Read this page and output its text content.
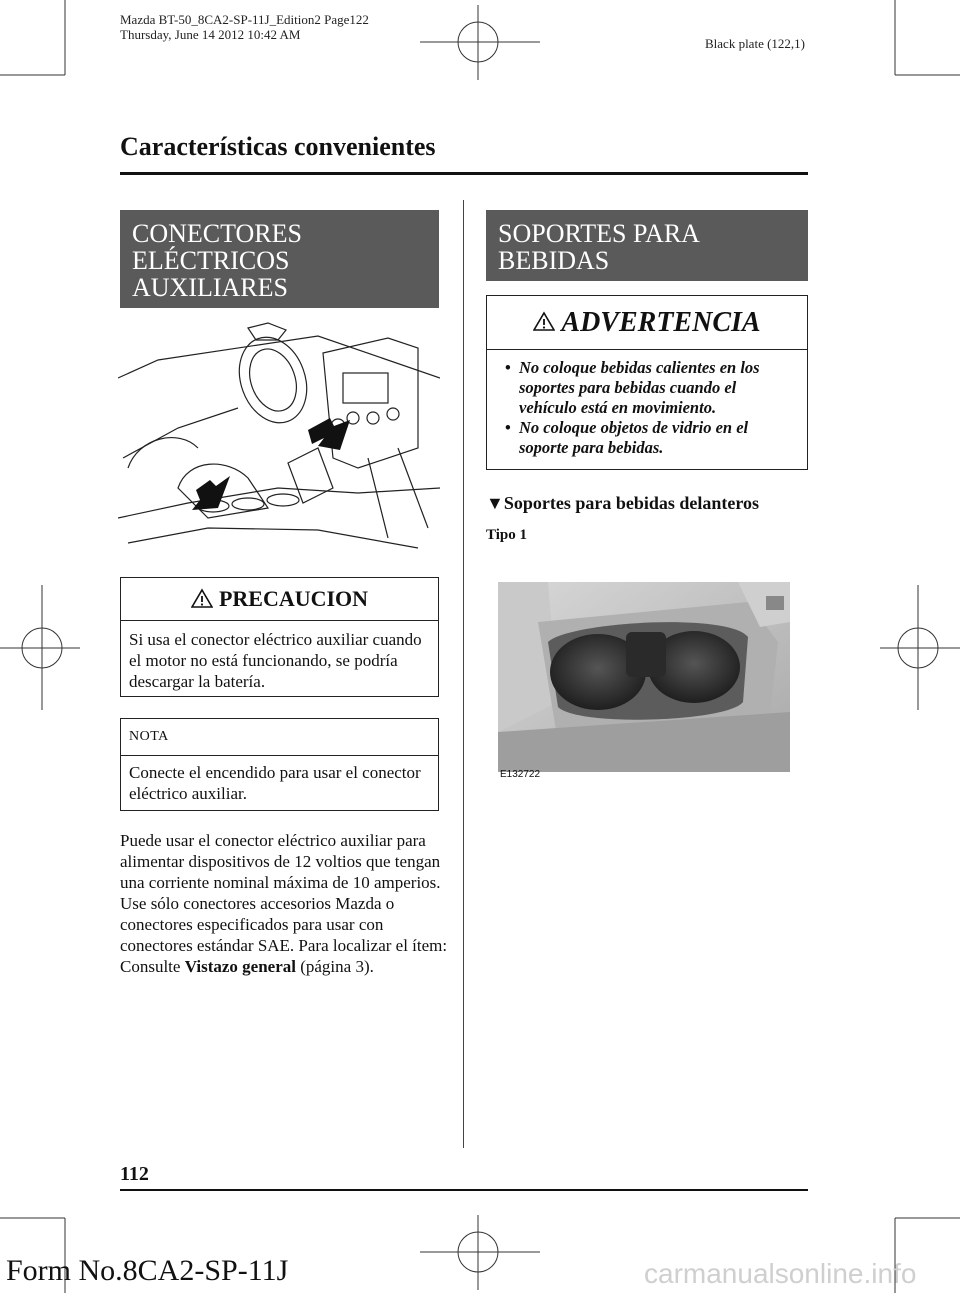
Mazda BT-50_8CA2-SP-11J_Edition2 Page122
Thursday, June 14 2012 10:42 AM
Black plate (122,1)
Características convenientes
CONECTORES
ELÉCTRICOS
AUXILIARES
PRECAUCION
Si usa el conector eléctrico auxiliar cuando el motor no está funcionando, se podría descargar la batería.
NOTA
Conecte el encendido para usar el conector eléctrico auxiliar.
Puede usar el conector eléctrico auxiliar para alimentar dispositivos de 12 voltios que tengan una corriente nominal máxima de 10 amperios. Use sólo conectores accesorios Mazda o conectores especificados para usar con conectores estándar SAE. Para localizar el ítem: Consulte Vistazo general (página 3).
SOPORTES PARA
BEBIDAS
ADVERTENCIA
• No coloque bebidas calientes en los soportes para bebidas cuando el vehículo está en movimiento.
• No coloque objetos de vidrio en el soporte para bebidas.
▼Soportes para bebidas delanteros
Tipo 1
E132722
112
Form No.8CA2-SP-11J	carmanualsonline.info
